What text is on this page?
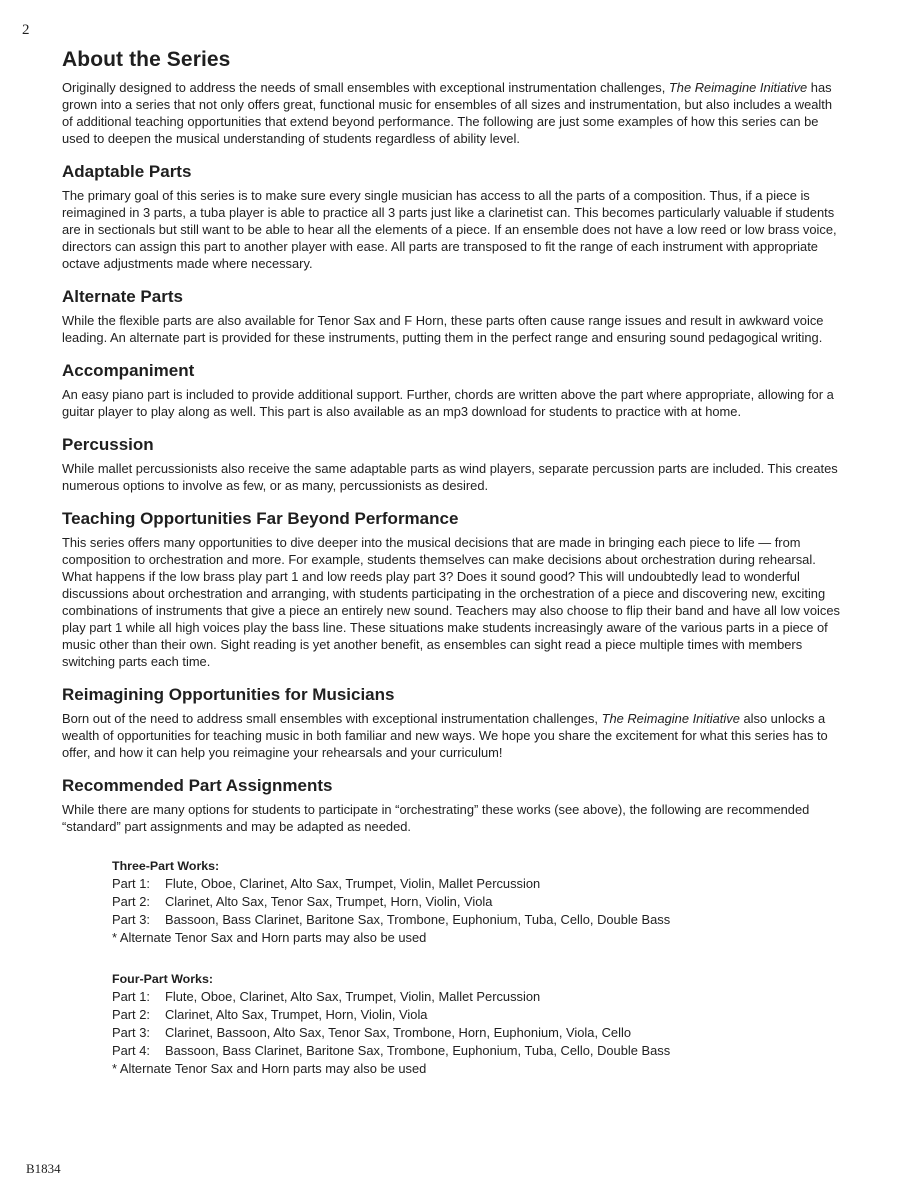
2
About the Series

Originally designed to address the needs of small ensembles with exceptional instrumentation challenges, The Reimagine Initiative has grown into a series that not only offers great, functional music for ensembles of all sizes and instrumentation, but also includes a wealth of additional teaching opportunities that extend beyond performance. The following are just some examples of how this series can be used to deepen the musical understanding of students regardless of ability level.

Adaptable Parts

The primary goal of this series is to make sure every single musician has access to all the parts of a composition. Thus, if a piece is reimagined in 3 parts, a tuba player is able to practice all 3 parts just like a clarinetist can. This becomes particularly valuable if students are in sectionals but still want to be able to hear all the elements of a piece. If an ensemble does not have a low reed or low brass voice, directors can assign this part to another player with ease. All parts are transposed to fit the range of each instrument with appropriate octave adjustments made where necessary.

Alternate Parts

While the flexible parts are also available for Tenor Sax and F Horn, these parts often cause range issues and result in awkward voice leading. An alternate part is provided for these instruments, putting them in the perfect range and ensuring sound pedagogical writing.

Accompaniment

An easy piano part is included to provide additional support. Further, chords are written above the part where appropriate, allowing for a guitar player to play along as well. This part is also available as an mp3 download for students to practice with at home.

Percussion

While mallet percussionists also receive the same adaptable parts as wind players, separate percussion parts are included. This creates numerous options to involve as few, or as many, percussionists as desired.

Teaching Opportunities Far Beyond Performance

This series offers many opportunities to dive deeper into the musical decisions that are made in bringing each piece to life — from composition to orchestration and more. For example, students themselves can make decisions about orchestration during rehearsal. What happens if the low brass play part 1 and low reeds play part 3? Does it sound good? This will undoubtedly lead to wonderful discussions about orchestration and arranging, with students participating in the orchestration of a piece and discovering new, exciting combinations of instruments that give a piece an entirely new sound. Teachers may also choose to flip their band and have all low voices play part 1 while all high voices play the bass line. These situations make students increasingly aware of the various parts in a piece of music other than their own. Sight reading is yet another benefit, as ensembles can sight read a piece multiple times with members switching parts each time.

Reimagining Opportunities for Musicians

Born out of the need to address small ensembles with exceptional instrumentation challenges, The Reimagine Initiative also unlocks a wealth of opportunities for teaching music in both familiar and new ways. We hope you share the excitement for what this series has to offer, and how it can help you reimagine your rehearsals and your curriculum!

Recommended Part Assignments

While there are many options for students to participate in “orchestrating” these works (see above), the following are recommended “standard” part assignments and may be adapted as needed.

Three-Part Works:
Part 1:	Flute, Oboe, Clarinet, Alto Sax, Trumpet, Violin, Mallet Percussion
Part 2:	Clarinet, Alto Sax, Tenor Sax, Trumpet, Horn, Violin, Viola
Part 3:	Bassoon, Bass Clarinet, Baritone Sax, Trombone, Euphonium, Tuba, Cello, Double Bass
* Alternate Tenor Sax and Horn parts may also be used
Four-Part Works:
Part 1:	Flute, Oboe, Clarinet, Alto Sax, Trumpet, Violin, Mallet Percussion
Part 2:	Clarinet, Alto Sax, Trumpet, Horn, Violin, Viola
Part 3:	Clarinet, Bassoon, Alto Sax, Tenor Sax, Trombone, Horn, Euphonium, Viola, Cello
Part 4:	Bassoon, Bass Clarinet, Baritone Sax, Trombone, Euphonium, Tuba, Cello, Double Bass
* Alternate Tenor Sax and Horn parts may also be used
B1834
